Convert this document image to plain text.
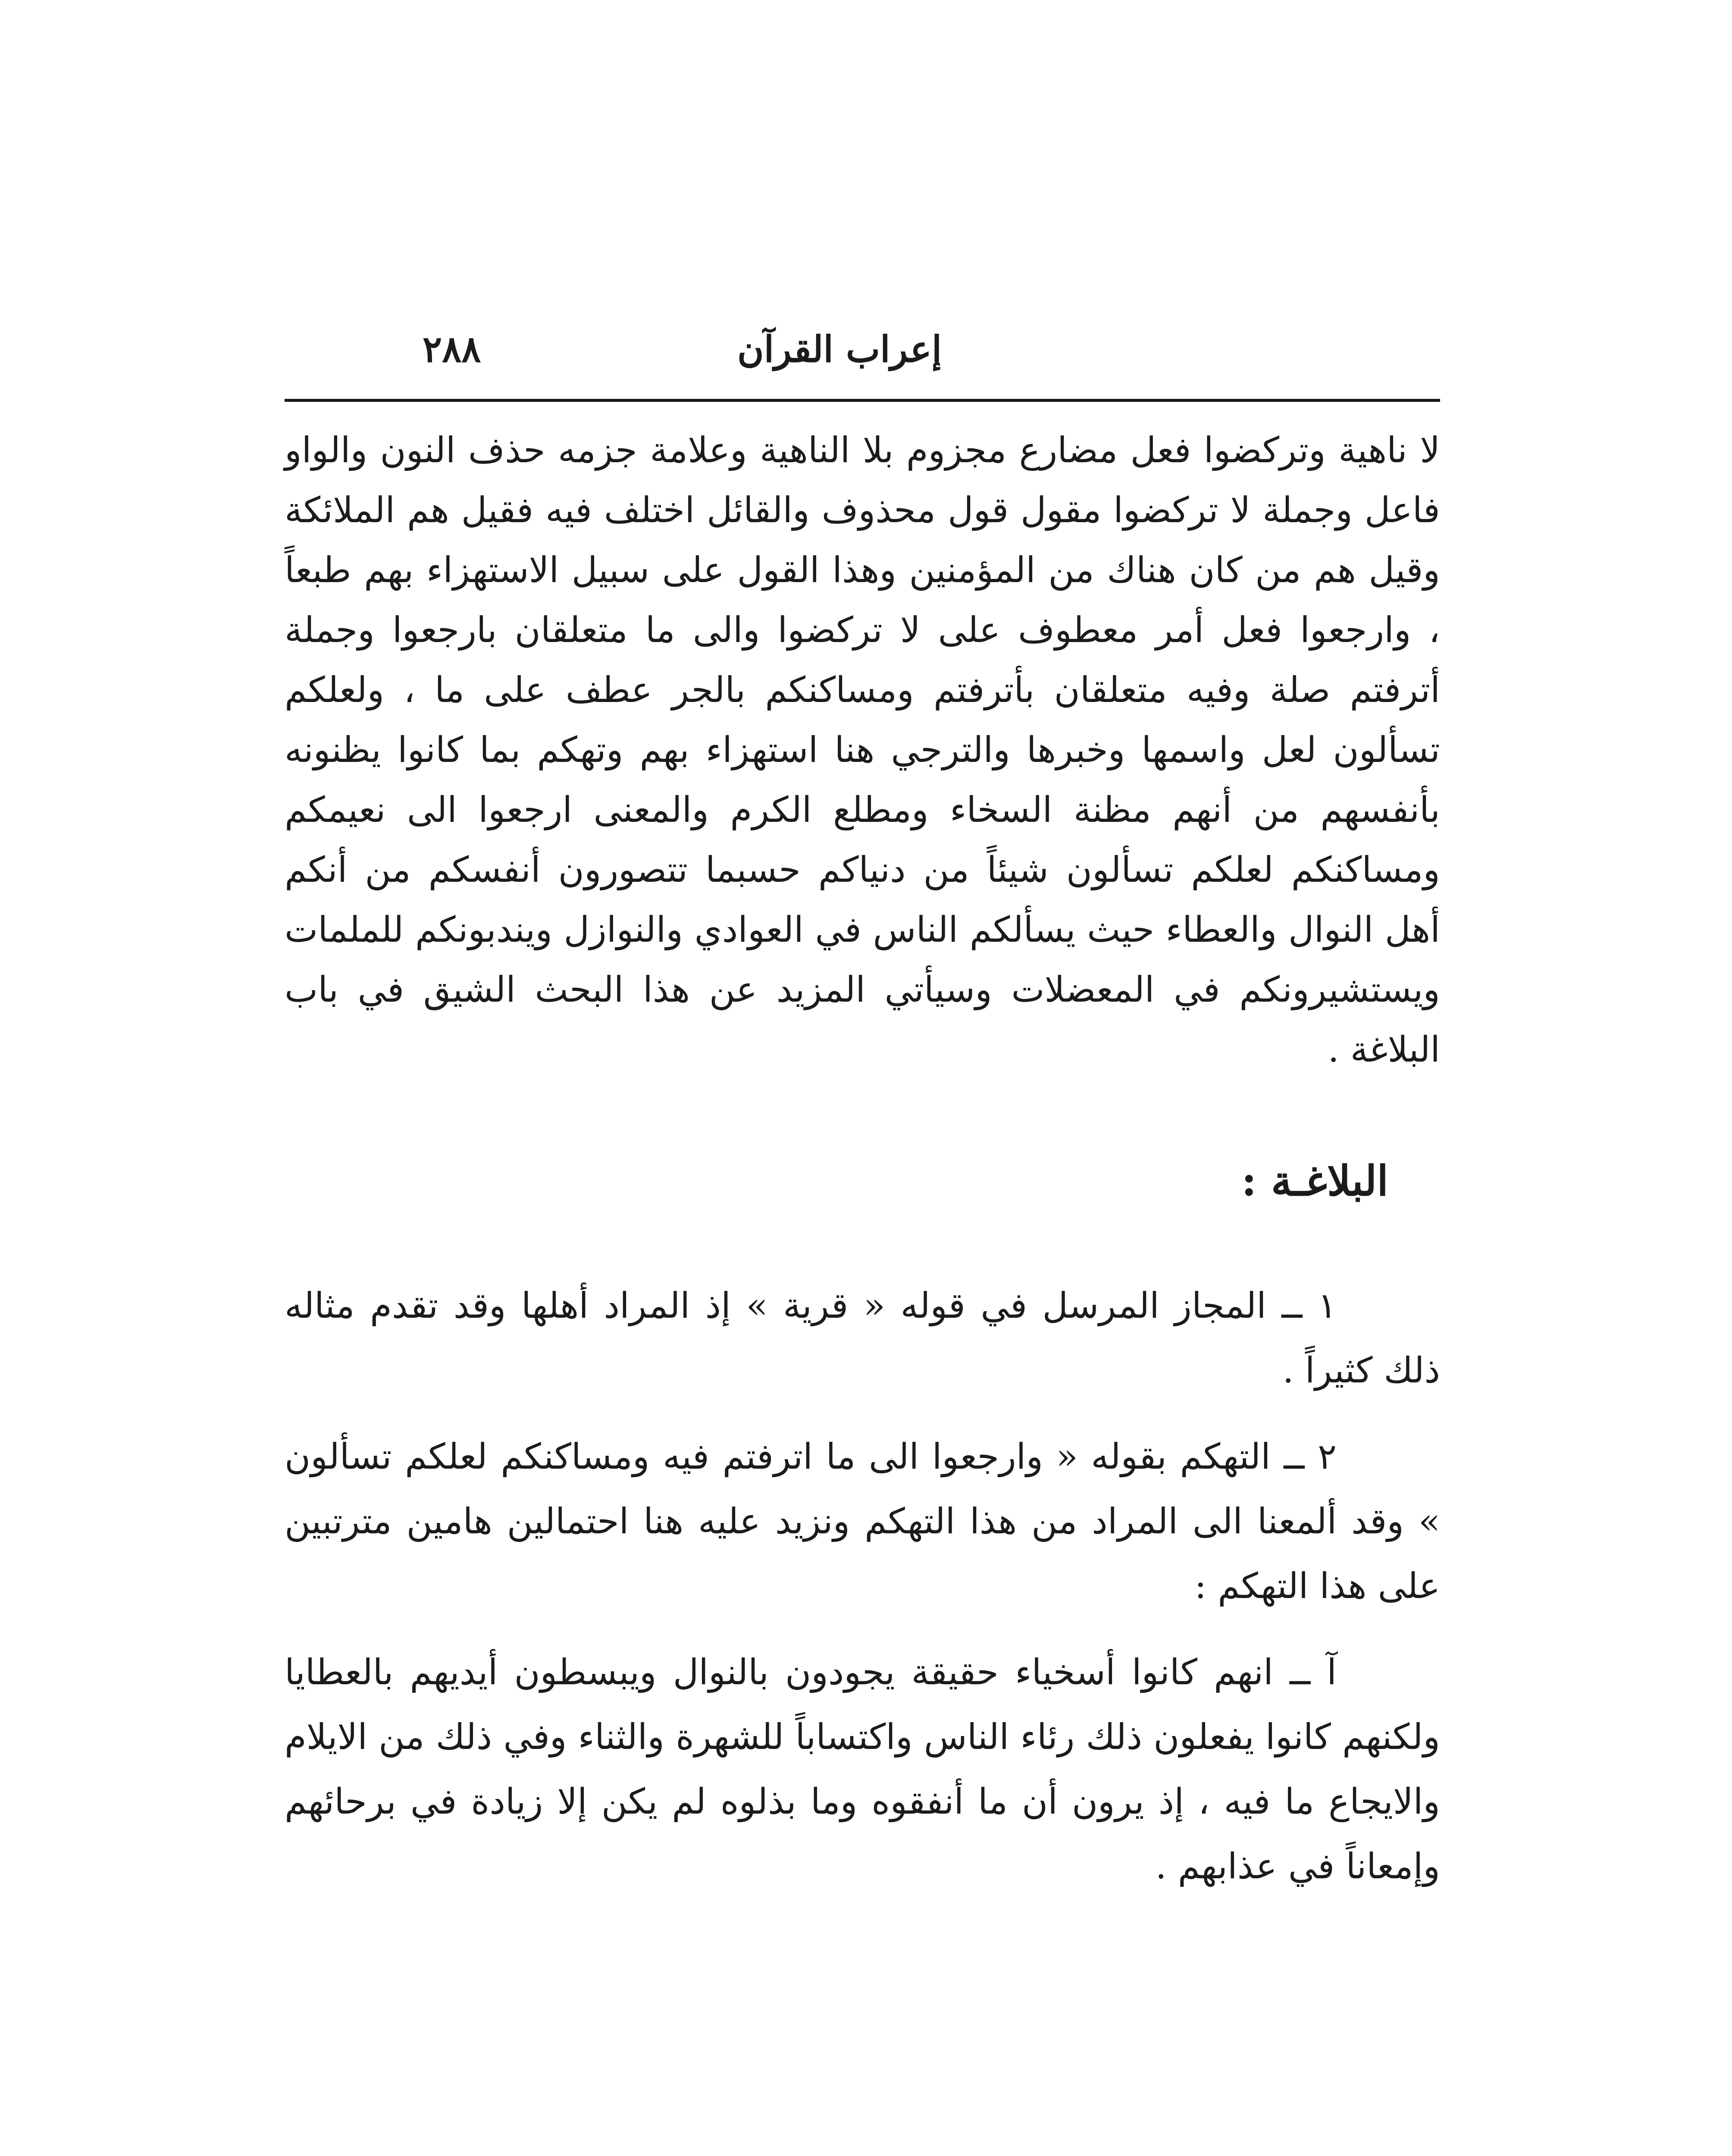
٢٨٨	إعراب القرآن

لا ناهية وتركضوا فعل مضارع مجزوم بلا الناهية وعلامة جزمه حذف النون والواو فاعل وجملة لا تركضوا مقول قول محذوف والقائل اختلف فيه فقيل هم الملائكة وقيل هم من كان هناك من المؤمنين وهذا القول على سبيل الاستهزاء بهم طبعاً ، وارجعوا فعل أمر معطوف على لا تركضوا والى ما متعلقان بارجعوا وجملة أترفتم صلة وفيه متعلقان بأترفتم ومساكنكم بالجر عطف على ما ، ولعلكم تسألون لعل واسمها وخبرها والترجي هنا استهزاء بهم وتهكم بما كانوا يظنونه بأنفسهم من أنهم مظنة السخاء ومطلع الكرم والمعنى ارجعوا الى نعيمكم ومساكنكم لعلكم تسألون شيئاً من دنياكم حسبما تتصورون أنفسكم من أنكم أهل النوال والعطاء حيث يسألكم الناس في العوادي والنوازل ويندبونكم للملمات ويستشيرونكم في المعضلات وسيأتي المزيد عن هذا البحث الشيق في باب البلاغة .

البلاغـة :

١ ــ المجاز المرسل في قوله « قرية » إذ المراد أهلها وقد تقدم مثاله ذلك كثيراً .

٢ ــ التهكم بقوله « وارجعوا الى ما اترفتم فيه ومساكنكم لعلكم تسألون » وقد ألمعنا الى المراد من هذا التهكم ونزيد عليه هنا احتمالين هامين مترتبين على هذا التهكم :

آ ــ انهم كانوا أسخياء حقيقة يجودون بالنوال ويبسطون أيديهم بالعطايا ولكنهم كانوا يفعلون ذلك رئاء الناس واكتساباً للشهرة والثناء وفي ذلك من الايلام والايجاع ما فيه ، إذ يرون أن ما أنفقوه وما بذلوه لم يكن إلا زيادة في برحائهم وإمعاناً في عذابهم .
